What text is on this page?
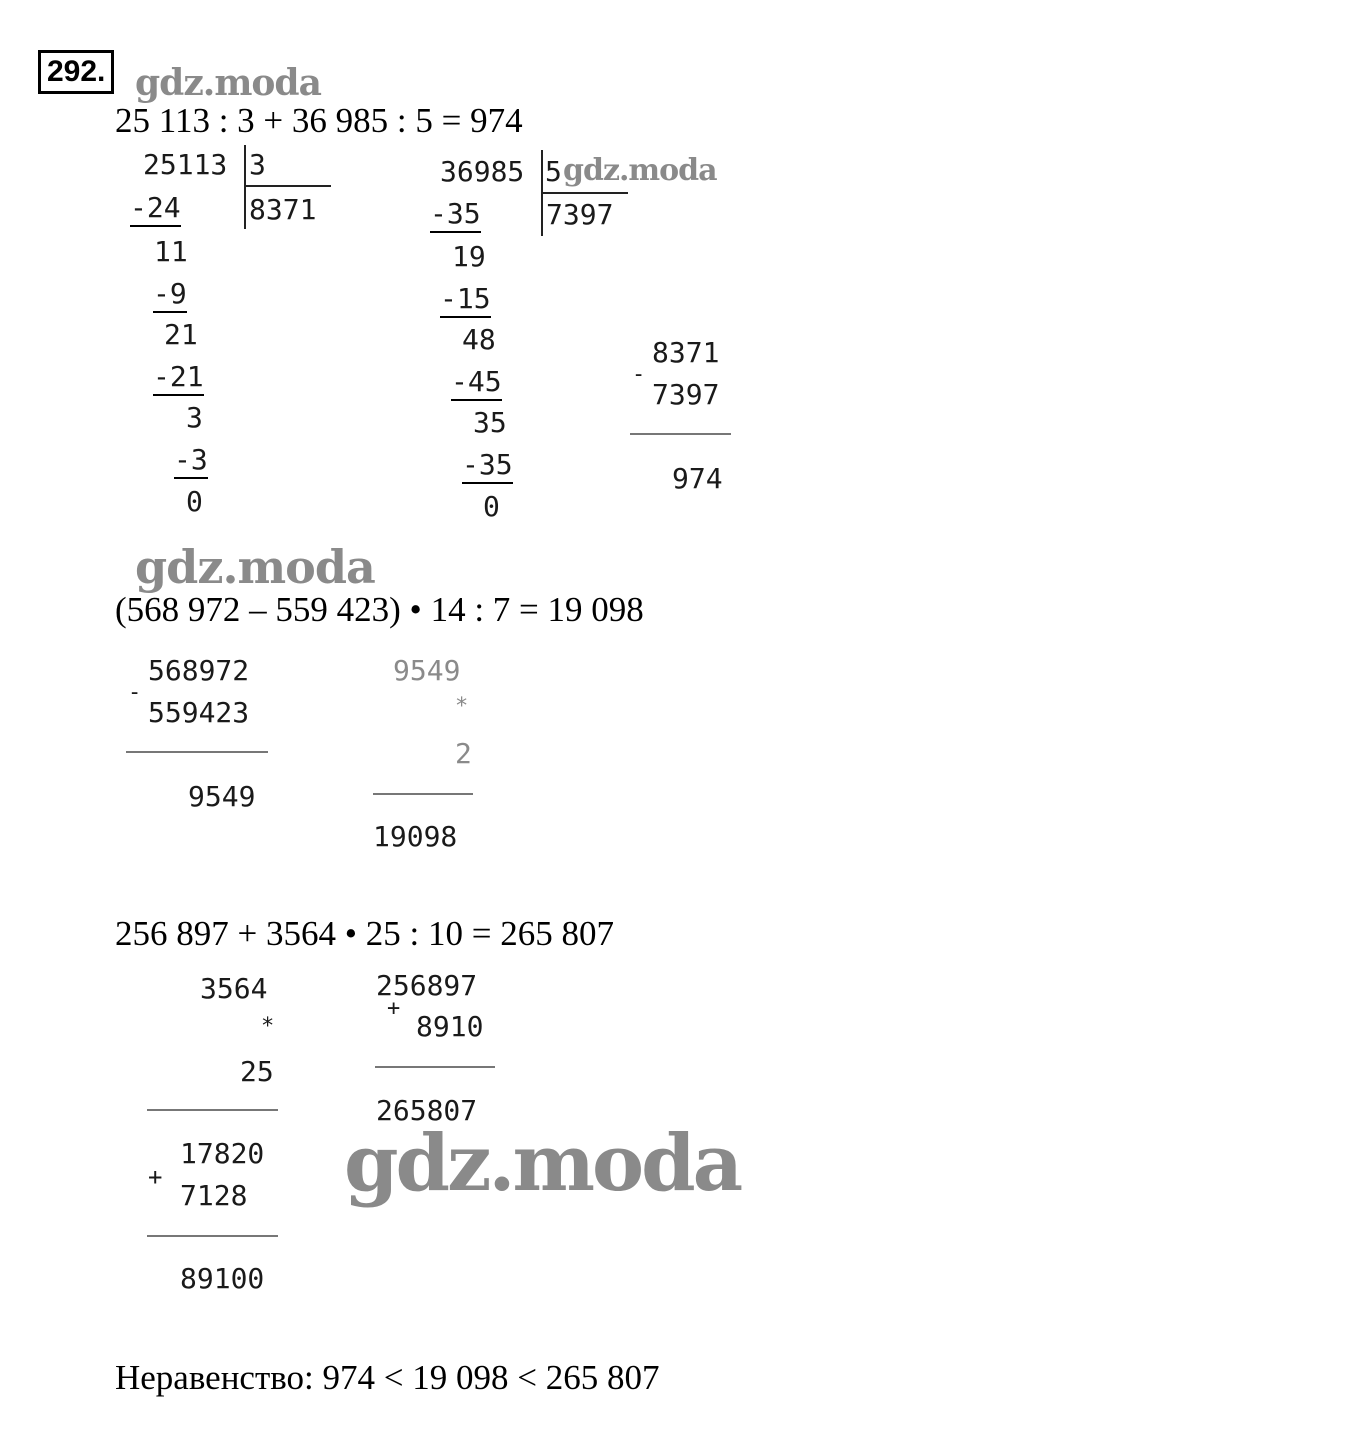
292. gdz.moda
25 113 : 3 + 36 985 : 5 = 974
25113 3
8371
-24
11
-9
21
-21
3
-3
0
36985 5 gdz.moda
7397
-35
19
-15
48
-45
35
-35
0
-
8371
7397
974
gdz.moda
(568 972 – 559 423) • 14 : 7 = 19 098
-
568972
559423
9549
9549
*
2
19098
256 897 + 3564 • 25 : 10 = 265 807
3564
*
25
+
17820
7128
89100
256897
+
8910
265807
gdz.moda
Неравенство: 974 < 19 098 < 265 807
